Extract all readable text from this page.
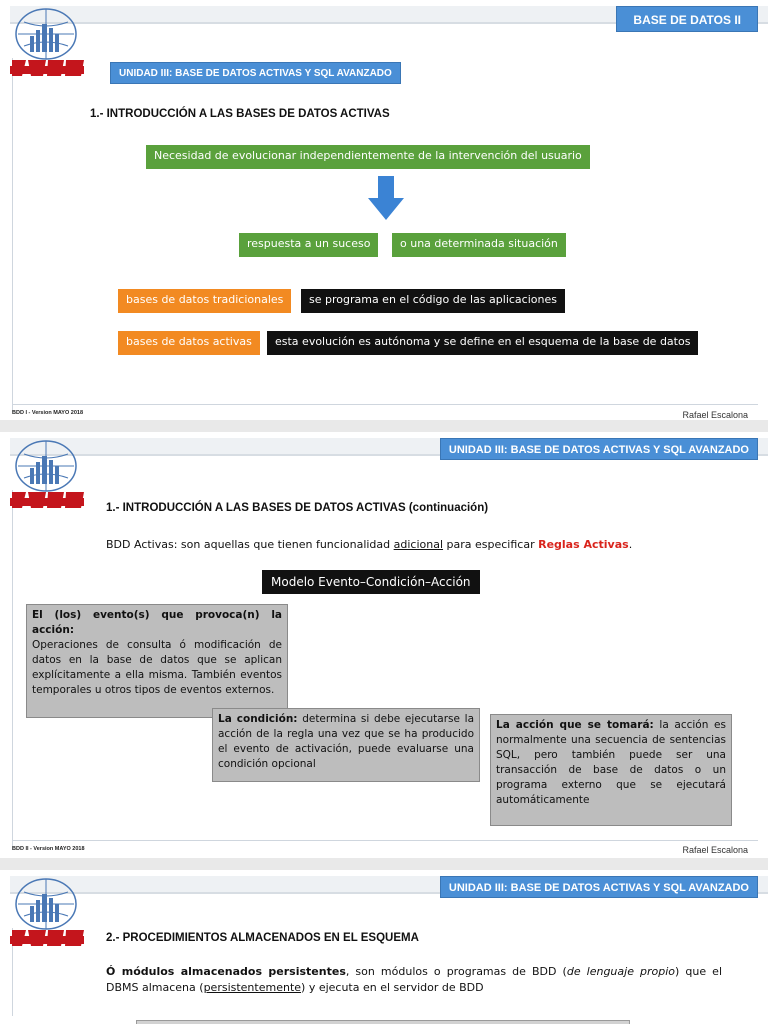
BASE DE DATOS II
UNIDAD III: BASE DE DATOS ACTIVAS Y SQL AVANZADO
1.- INTRODUCCIÓN A LAS BASES DE DATOS ACTIVAS
Necesidad de evolucionar independientemente de la intervención del usuario
respuesta a un suceso	o una determinada situación
bases de datos tradicionales	se programa en el código de las aplicaciones
bases de datos activas	esta evolución es autónoma y se define en el esquema de la base de datos
BDD I - Version MAYO 2018	Rafael Escalona
UNIDAD III: BASE DE DATOS ACTIVAS Y SQL AVANZADO
1.- INTRODUCCIÓN A LAS BASES DE DATOS ACTIVAS (continuación)
BDD Activas: son aquellas que tienen funcionalidad adicional para especificar Reglas Activas.
Modelo Evento–Condición–Acción
El (los) evento(s) que provoca(n) la acción:
Operaciones de consulta ó modificación de datos en la base de datos que se aplican explícitamente a ella misma. También eventos temporales u otros tipos de eventos externos.
La condición: determina si debe ejecutarse la acción de la regla una vez que se ha producido el evento de activación, puede evaluarse una condición opcional
La acción que se tomará: la acción es normalmente una secuencia de sentencias SQL, pero también puede ser una transacción de base de datos o un programa externo que se ejecutará automáticamente
BDD II - Version MAYO 2018	Rafael Escalona
UNIDAD III: BASE DE DATOS ACTIVAS Y SQL AVANZADO
2.- PROCEDIMIENTOS ALMACENADOS EN EL ESQUEMA
Ó módulos almacenados persistentes, son módulos o programas de BDD (de lenguaje propio) que el DBMS almacena (persistentemente) y ejecuta en el servidor de BDD
